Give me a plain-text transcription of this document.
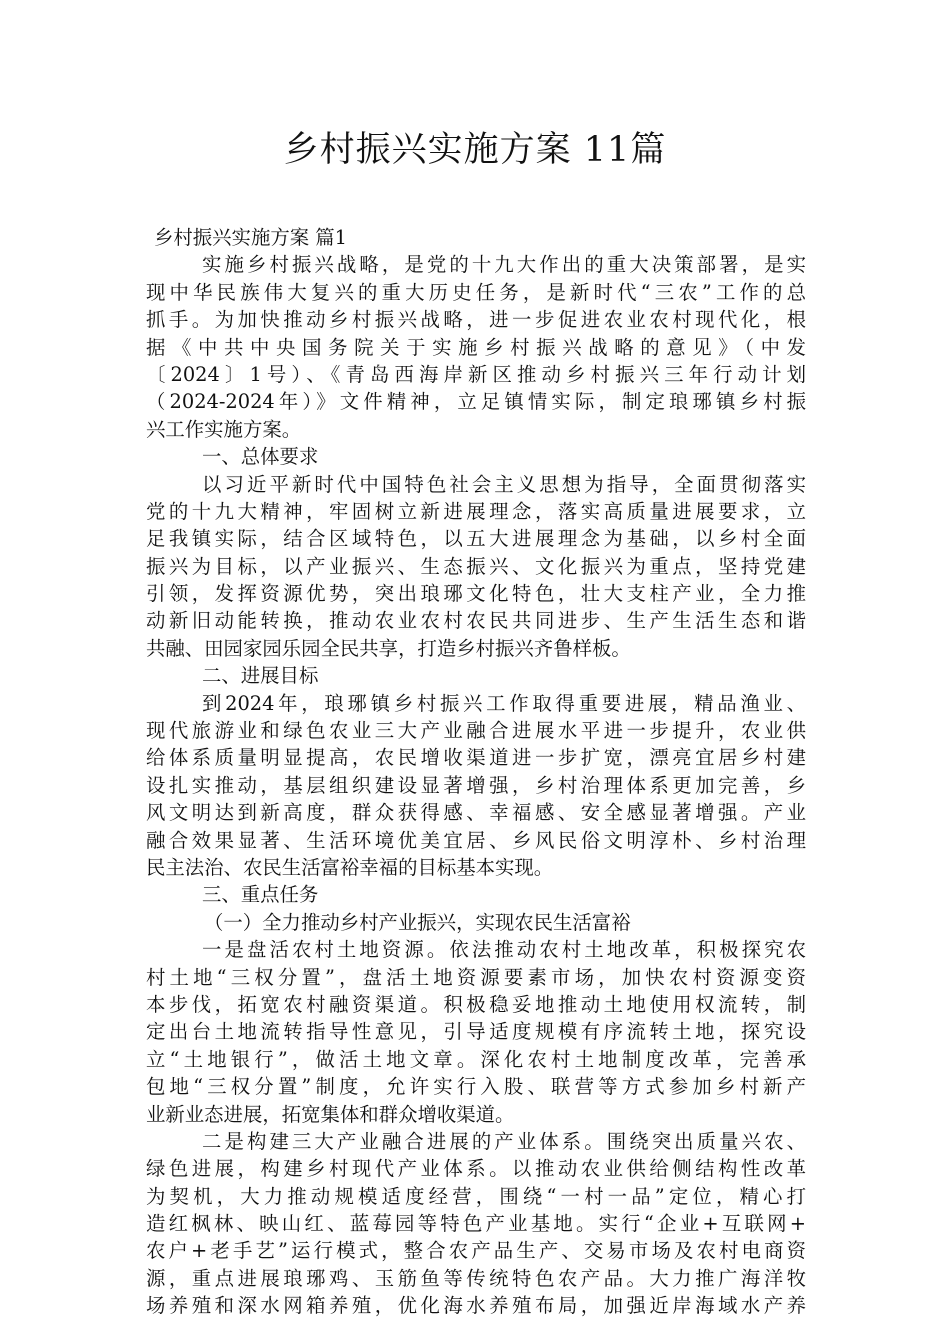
乡村振兴实施方案 11篇
乡村振兴实施方案 篇1
实施乡村振兴战略，是党的十九大作出的重大决策部署，是实
现中华民族伟大复兴的重大历史任务，是新时代“三农”工作的总
抓手。为加快推动乡村振兴战略，进一步促进农业农村现代化，根
据《中共中央国务院关于实施乡村振兴战略的意见》（中发
〔2024〕1号）、《青岛西海岸新区推动乡村振兴三年行动计划
（2024-2024年）》文件精神，立足镇情实际，制定琅琊镇乡村振
兴工作实施方案。
一、总体要求
以习近平新时代中国特色社会主义思想为指导，全面贯彻落实
党的十九大精神，牢固树立新进展理念，落实高质量进展要求，立
足我镇实际，结合区域特色，以五大进展理念为基础，以乡村全面
振兴为目标，以产业振兴、生态振兴、文化振兴为重点，坚持党建
引领，发挥资源优势，突出琅琊文化特色，壮大支柱产业，全力推
动新旧动能转换，推动农业农村农民共同进步、生产生活生态和谐
共融、田园家园乐园全民共享，打造乡村振兴齐鲁样板。
二、进展目标
到2024年，琅琊镇乡村振兴工作取得重要进展，精品渔业、
现代旅游业和绿色农业三大产业融合进展水平进一步提升，农业供
给体系质量明显提高，农民增收渠道进一步扩宽，漂亮宜居乡村建
设扎实推动，基层组织建设显著增强，乡村治理体系更加完善，乡
风文明达到新高度，群众获得感、幸福感、安全感显著增强。产业
融合效果显著、生活环境优美宜居、乡风民俗文明淳朴、乡村治理
民主法治、农民生活富裕幸福的目标基本实现。
三、重点任务
（一）全力推动乡村产业振兴，实现农民生活富裕
一是盘活农村土地资源。依法推动农村土地改革，积极探究农
村土地“三权分置”，盘活土地资源要素市场，加快农村资源变资
本步伐，拓宽农村融资渠道。积极稳妥地推动土地使用权流转，制
定出台土地流转指导性意见，引导适度规模有序流转土地，探究设
立“土地银行”，做活土地文章。深化农村土地制度改革，完善承
包地“三权分置”制度，允许实行入股、联营等方式参加乡村新产
业新业态进展，拓宽集体和群众增收渠道。
二是构建三大产业融合进展的产业体系。围绕突出质量兴农、
绿色进展，构建乡村现代产业体系。以推动农业供给侧结构性改革
为契机，大力推动规模适度经营，围绕“一村一品”定位，精心打
造红枫林、映山红、蓝莓园等特色产业基地。实行“企业+互联网+
农户+老手艺”运行模式，整合农产品生产、交易市场及农村电商资
源，重点进展琅琊鸡、玉筋鱼等传统特色农产品。大力推广海洋牧
场养殖和深水网箱养殖，优化海水养殖布局，加强近岸海域水产养
